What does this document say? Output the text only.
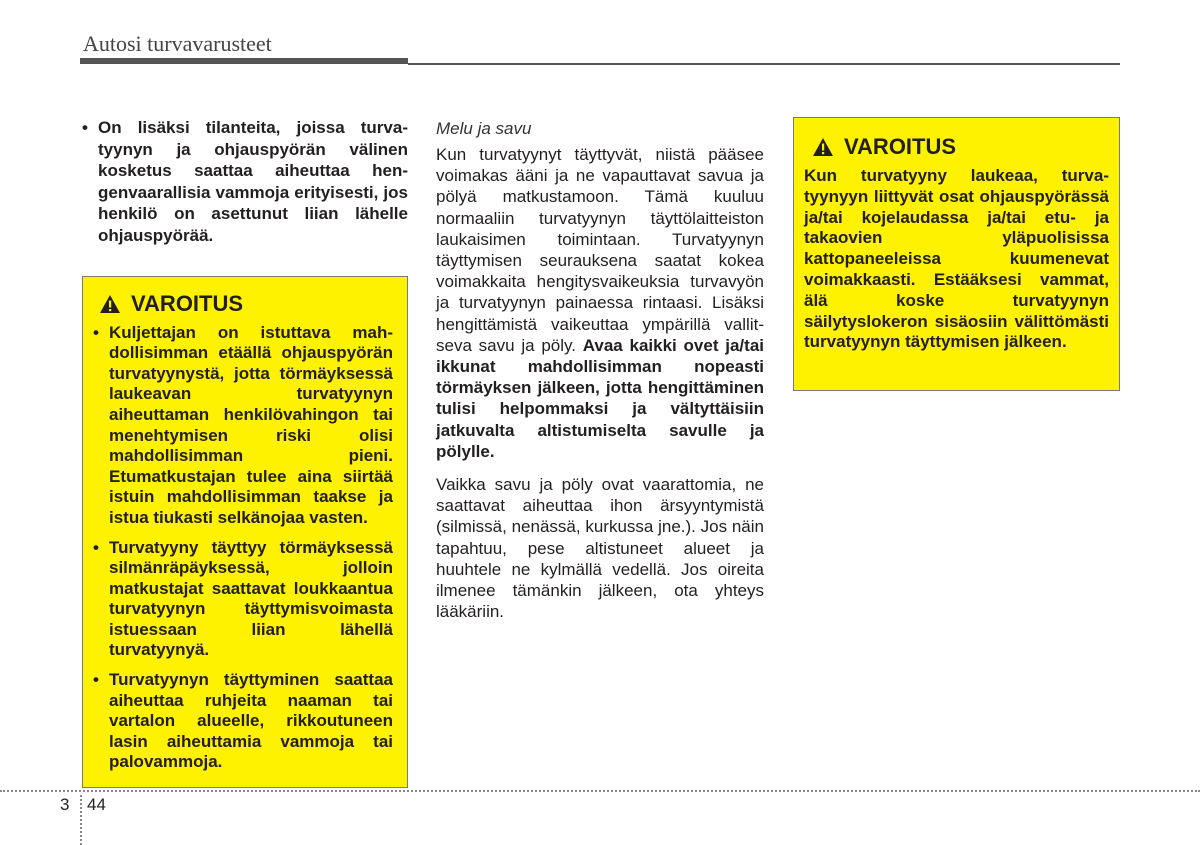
Autosi turvavarusteet

• On lisäksi tilanteita, joissa turvatyynyn ja ohjauspyörän välinen kosketus saattaa aiheuttaa hengenvaarallisia vammoja erityisesti, jos henkilö on asettunut liian lähelle ohjauspyörää.

VAROITUS
• Kuljettajan on istuttava mahdollisimman etäällä ohjauspyörän turvatyynystä, jotta törmäyksessä laukeavan turvatyynyn aiheuttaman henkilövahingon tai menehtymisen riski olisi mahdollisimman pieni. Etumatkustajan tulee aina siirtää istuin mahdollisimman taakse ja istua tiukasti selkänojaa vasten.
• Turvatyyny täyttyy törmäyksessä silmänräpäyksessä, jolloin matkustajat saattavat loukkaantua turvatyynyn täyttymisvoimasta istuessaan liian lähellä turvatyynyä.
• Turvatyynyn täyttyminen saattaa aiheuttaa ruhjeita naaman tai vartalon alueelle, rikkoutuneen lasin aiheuttamia vammoja tai palovammoja.
Melu ja savu

Kun turvatyynyt täyttyvät, niistä pääsee voimakas ääni ja ne vapauttavat savua ja pölyä matkustamoon. Tämä kuuluu normaaliin turvatyynyn täyttölaitteiston laukaisimen toimintaan. Turvatyynyn täyttymisen seurauksena saatat kokea voimakkaita hengitysvaikeuksia turvavyön ja turvatyynyn painaessa rintaasi. Lisäksi hengittämistä vaikeuttaa ympärillä vallitseva savu ja pöly. Avaa kaikki ovet ja/tai ikkunat mahdollisimman nopeasti törmäyksen jälkeen, jotta hengittäminen tulisi helpommaksi ja vältyttäisiin jatkuvalta altistumiselta savulle ja pölylle.

Vaikka savu ja pöly ovat vaarattomia, ne saattavat aiheuttaa ihon ärsyyntymistä (silmissä, nenässä, kurkussa jne.). Jos näin tapahtuu, pese altistuneet alueet ja huuhtele ne kylmällä vedellä. Jos oireita ilmenee tämänkin jälkeen, ota yhteys lääkäriin.

VAROITUS

Kun turvatyyny laukeaa, turvatyynyyn liittyvät osat ohjauspyörässä ja/tai kojelaudassa ja/tai etu- ja takaovien yläpuolisissa kattopaneeleissa kuumenevat voimakkaasti. Estääksesi vammat, älä koske turvatyynyn säilytyslokeron sisäosiin välittömästi turvatyynyn täyttymisen jälkeen.

3 44
